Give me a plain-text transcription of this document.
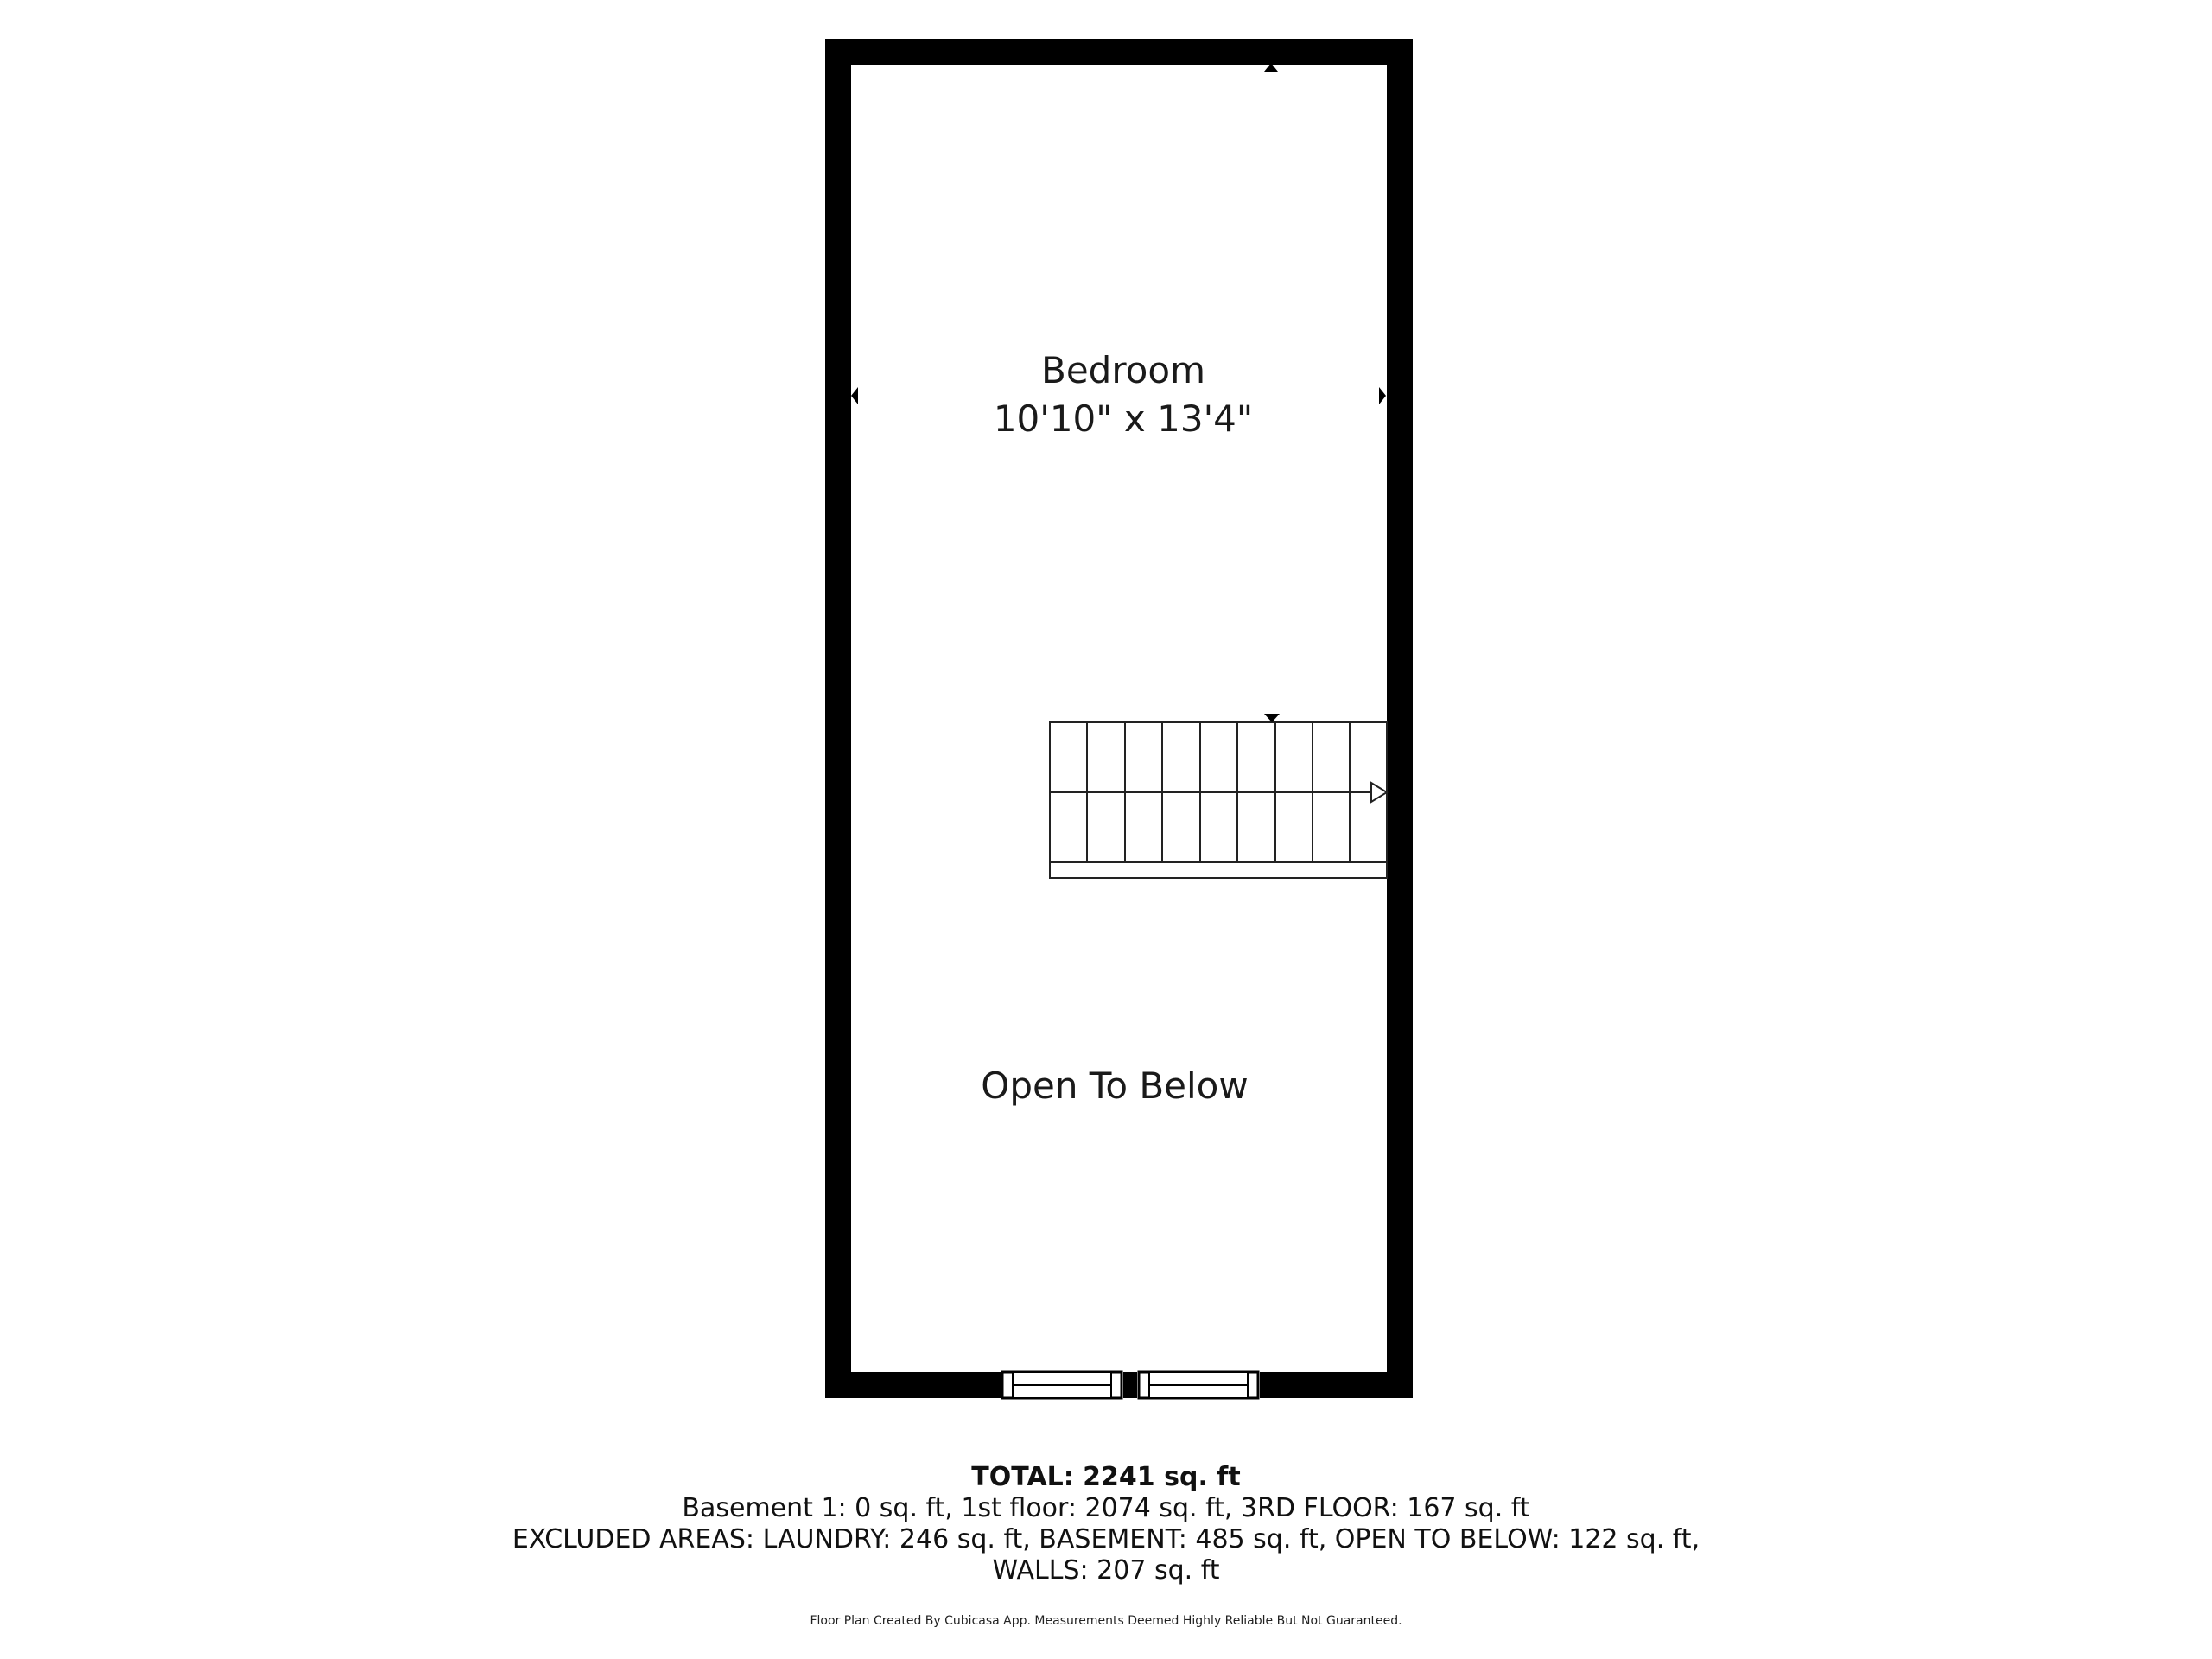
Bedroom
10'10" x 13'4"
Open To Below
TOTAL: 2241 sq. ft
Basement 1: 0 sq. ft, 1st floor: 2074 sq. ft, 3RD FLOOR: 167 sq. ft
EXCLUDED AREAS: LAUNDRY: 246 sq. ft, BASEMENT: 485 sq. ft, OPEN TO BELOW: 122 sq. ft,
WALLS: 207 sq. ft
Floor Plan Created By Cubicasa App. Measurements Deemed Highly Reliable But Not Guaranteed.
